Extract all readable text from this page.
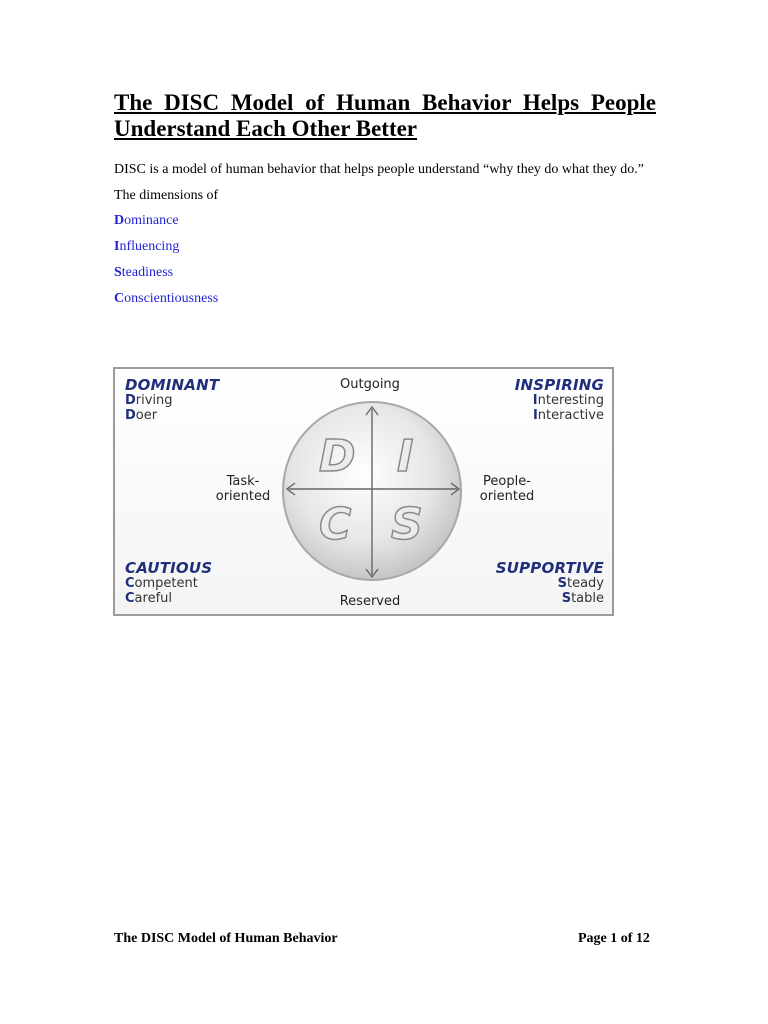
The DISC Model of Human Behavior Helps People Understand Each Other Better

DISC is a model of human behavior that helps people understand “why they do what they do.” The dimensions of

Dominance
Influencing
Steadiness
Conscientiousness
D I
C S
Outgoing
Reserved
Task-
oriented
People-
oriented
DOMINANT
Driving
Doer
INSPIRING
Interesting
Interactive
CAUTIOUS
Competent
Careful
SUPPORTIVE
Steady
Stable
The DISC Model of Human Behavior	Page 1 of 12
